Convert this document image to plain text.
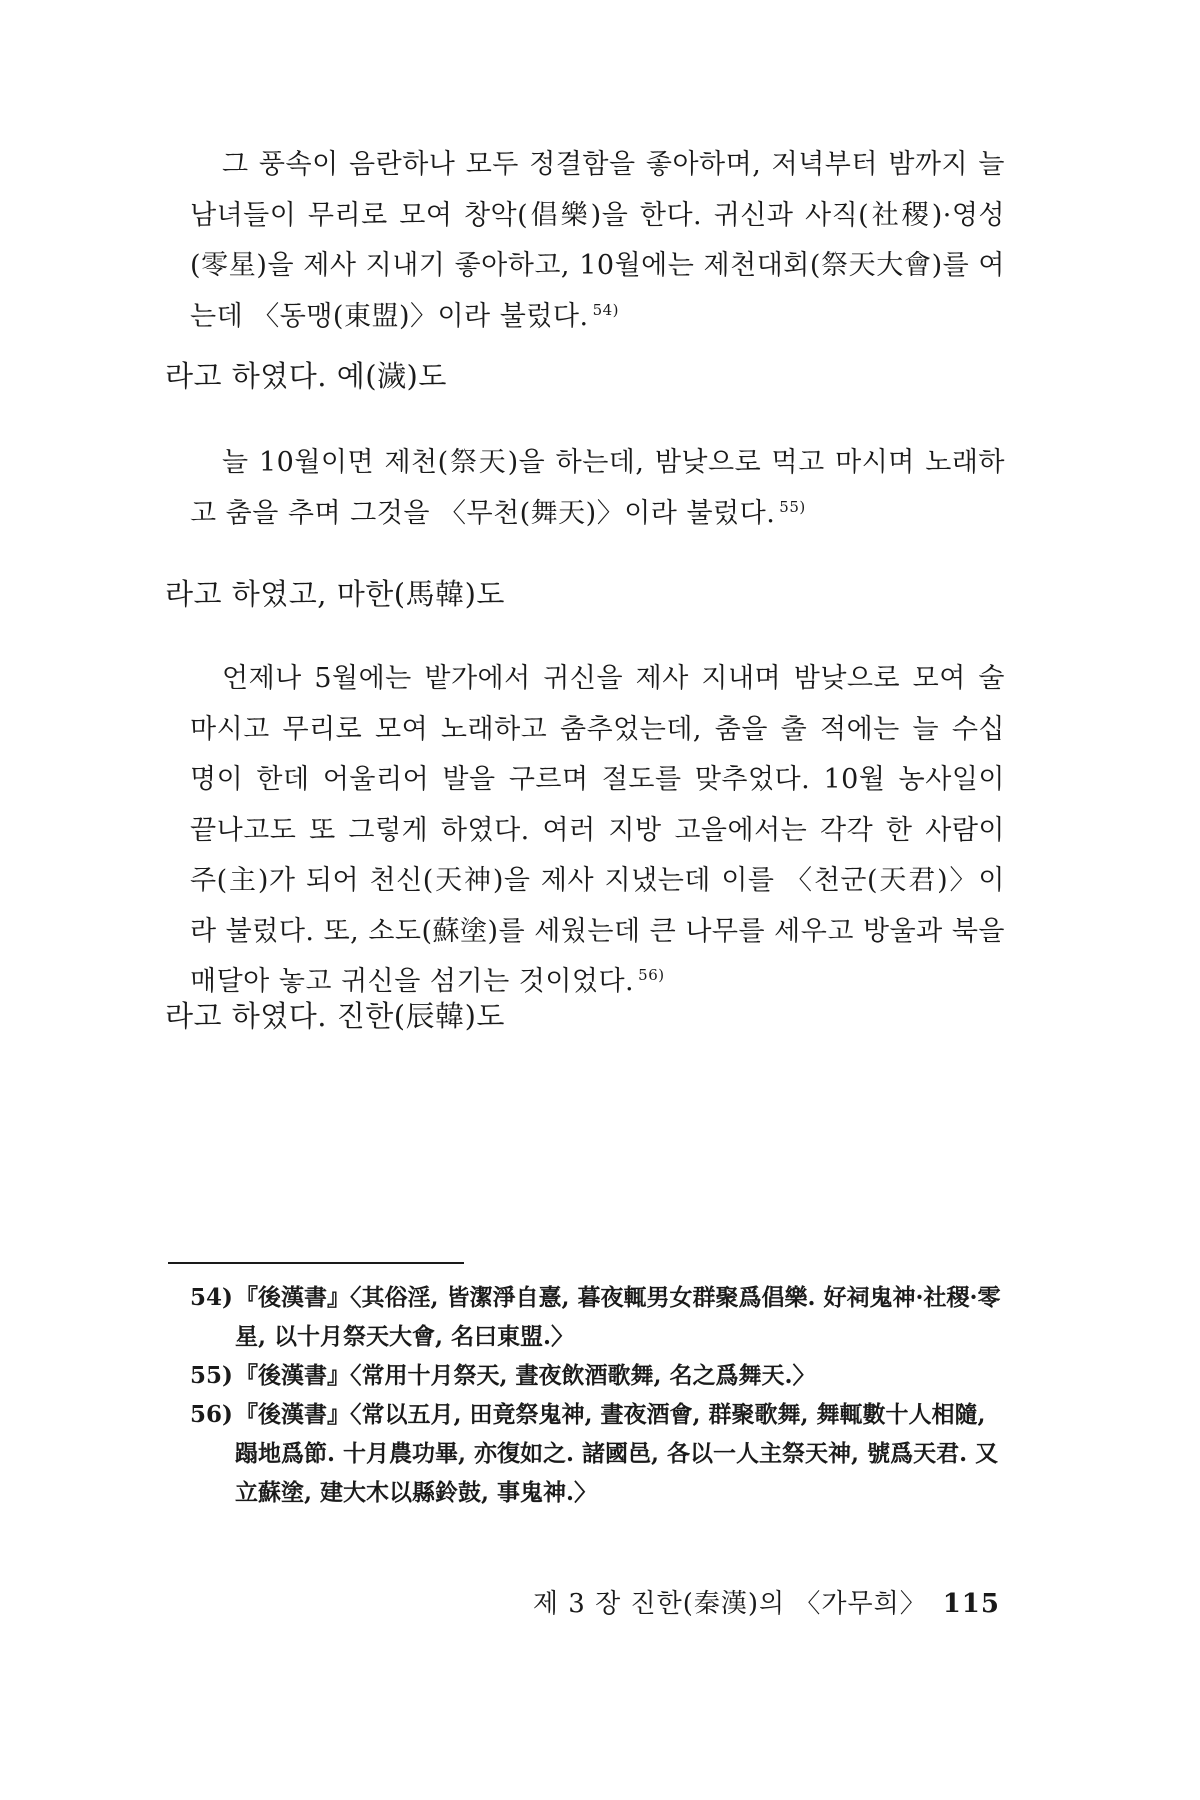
그 풍속이 음란하나 모두 정결함을 좋아하며, 저녁부터 밤까지 늘 남녀들이 무리로 모여 창악(倡樂)을 한다. 귀신과 사직(社稷)·영성(零星)을 제사 지내기 좋아하고, 10월에는 제천대회(祭天大會)를 여는데 〈동맹(東盟)〉이라 불렀다. $^{54)}$

라고 하였다. 예(濊)도

늘 10월이면 제천(祭天)을 하는데, 밤낮으로 먹고 마시며 노래하고 춤을 추며 그것을 〈무천(舞天)〉이라 불렀다. $^{55)}$

라고 하였고, 마한(馬韓)도

언제나 5월에는 밭가에서 귀신을 제사 지내며 밤낮으로 모여 술 마시고 무리로 모여 노래하고 춤추었는데, 춤을 출 적에는 늘 수십 명이 한데 어울리어 발을 구르며 절도를 맞추었다. 10월 농사일이 끝나고도 또 그렇게 하였다. 여러 지방 고을에서는 각각 한 사람이 주(主)가 되어 천신(天神)을 제사 지냈는데 이를 〈천군(天君)〉이라 불렀다. 또, 소도(蘇塗)를 세웠는데 큰 나무를 세우고 방울과 북을 매달아 놓고 귀신을 섬기는 것이었다. $^{56)}$

라고 하였다. 진한(辰韓)도
54) 『後漢書』〈其俗淫, 皆潔淨自憙, 暮夜輒男女群聚爲倡樂. 好祠鬼神·社稷·零星, 以十月祭天大會, 名曰東盟.〉
55) 『後漢書』〈常用十月祭天, 晝夜飲酒歌舞, 名之爲舞天.〉
56) 『後漢書』〈常以五月, 田竟祭鬼神, 晝夜酒會, 群聚歌舞, 舞輒數十人相隨, 蹋地爲節. 十月農功畢, 亦復如之. 諸國邑, 各以一人主祭天神, 號爲天君. 又立蘇塗, 建大木以縣鈴鼓, 事鬼神.〉
제 3 장 진한(秦漢)의 〈가무희〉 115
